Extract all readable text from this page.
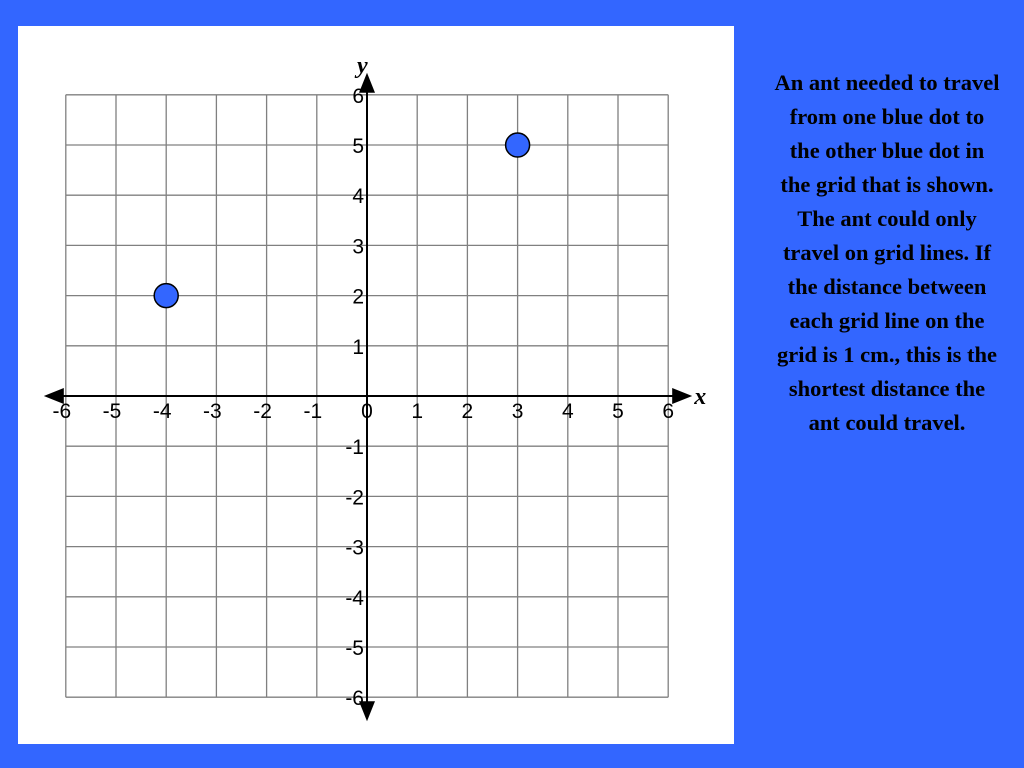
-6 -5 -4 -3 -2 -1 0 1 2 3 4 5 6
6
5
4
3
2
1
-1
-2
-3
-4
-5
-6
x
y
An ant needed to travel from one blue dot to the other blue dot in the grid that is shown. The ant could only travel on grid lines. If the distance between each grid line on the grid is 1 cm., this is the shortest distance the ant could travel.
